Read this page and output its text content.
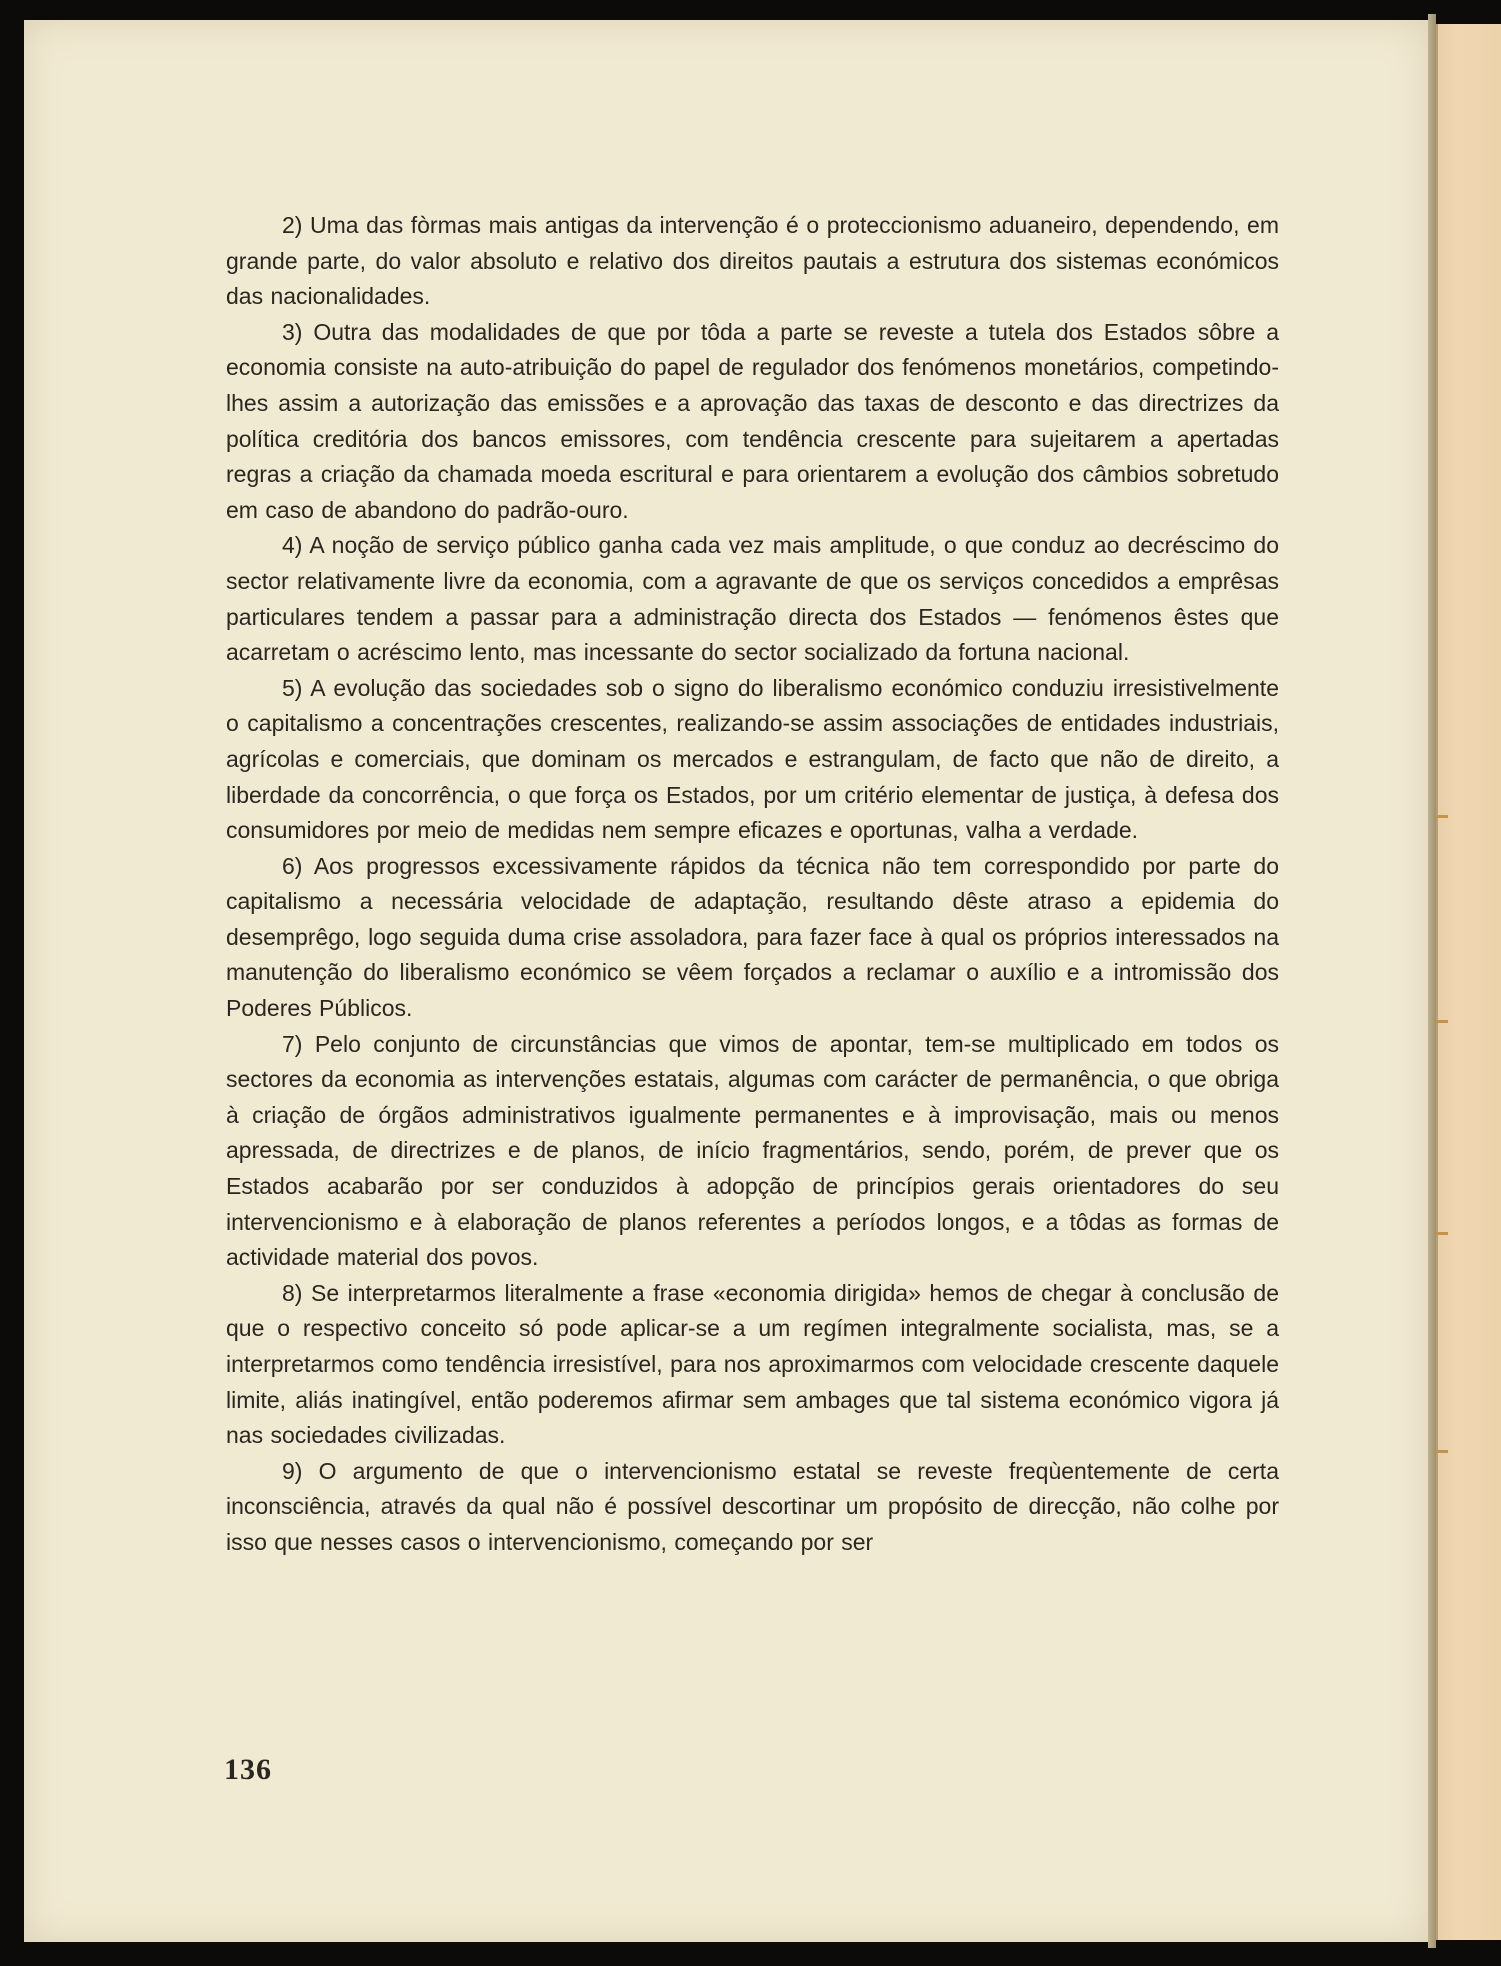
2) Uma das fòrmas mais antigas da intervenção é o proteccionismo aduaneiro, dependendo, em grande parte, do valor absoluto e relativo dos direitos pautais a estrutura dos sistemas económicos das nacionalidades.

3) Outra das modalidades de que por tôda a parte se reveste a tutela dos Estados sôbre a economia consiste na auto-atribuição do papel de regulador dos fenómenos monetários, competindo-lhes assim a autorização das emissões e a aprovação das taxas de desconto e das directrizes da política creditória dos bancos emissores, com tendência crescente para sujeitarem a apertadas regras a criação da chamada moeda escritural e para orientarem a evolução dos câmbios sobretudo em caso de abandono do padrão-ouro.

4) A noção de serviço público ganha cada vez mais amplitude, o que conduz ao decréscimo do sector relativamente livre da economia, com a agravante de que os serviços concedidos a emprêsas particulares tendem a passar para a administração directa dos Estados — fenómenos êstes que acarretam o acréscimo lento, mas incessante do sector socializado da fortuna nacional.

5) A evolução das sociedades sob o signo do liberalismo económico conduziu irresistivelmente o capitalismo a concentrações crescentes, realizando-se assim associações de entidades industriais, agrícolas e comerciais, que dominam os mercados e estrangulam, de facto que não de direito, a liberdade da concorrência, o que força os Estados, por um critério elementar de justiça, à defesa dos consumidores por meio de medidas nem sempre eficazes e oportunas, valha a verdade.

6) Aos progressos excessivamente rápidos da técnica não tem correspondido por parte do capitalismo a necessária velocidade de adaptação, resultando dêste atraso a epidemia do desemprêgo, logo seguida duma crise assoladora, para fazer face à qual os próprios interessados na manutenção do liberalismo económico se vêem forçados a reclamar o auxílio e a intromissão dos Poderes Públicos.

7) Pelo conjunto de circunstâncias que vimos de apontar, tem-se multiplicado em todos os sectores da economia as intervenções estatais, algumas com carácter de permanência, o que obriga à criação de órgãos administrativos igualmente permanentes e à improvisação, mais ou menos apressada, de directrizes e de planos, de início fragmentários, sendo, porém, de prever que os Estados acabarão por ser conduzidos à adopção de princípios gerais orientadores do seu intervencionismo e à elaboração de planos referentes a períodos longos, e a tôdas as formas de actividade material dos povos.

8) Se interpretarmos literalmente a frase «economia dirigida» hemos de chegar à conclusão de que o respectivo conceito só pode aplicar-se a um regímen integralmente socialista, mas, se a interpretarmos como tendência irresistível, para nos aproximarmos com velocidade crescente daquele limite, aliás inatingível, então poderemos afirmar sem ambages que tal sistema económico vigora já nas sociedades civilizadas.

9) O argumento de que o intervencionismo estatal se reveste freqùentemente de certa inconsciência, através da qual não é possível descortinar um propósito de direcção, não colhe por isso que nesses casos o intervencionismo, começando por ser

136
